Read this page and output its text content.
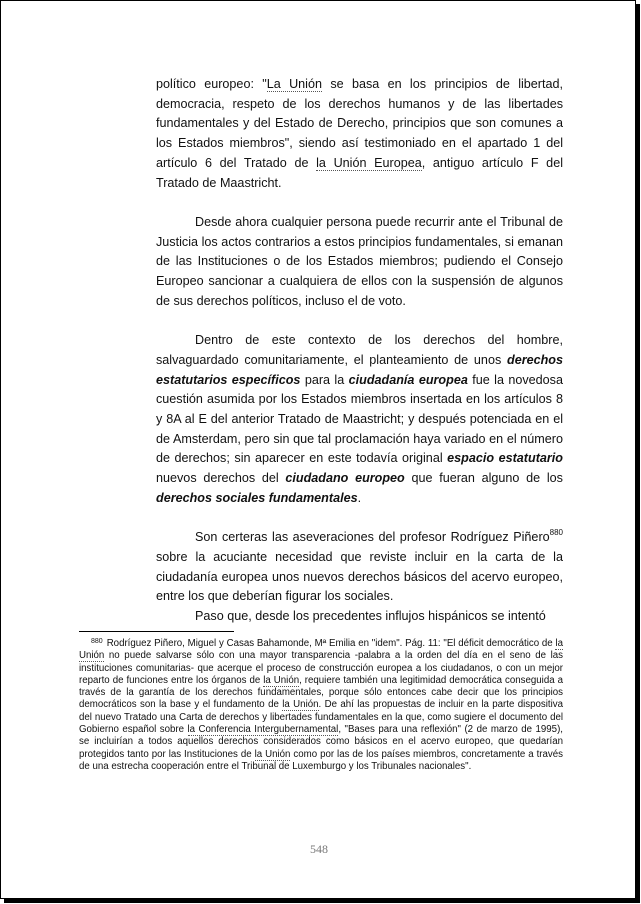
político europeo: "La Unión se basa en los principios de libertad, democracia, respeto de los derechos humanos y de las libertades fundamentales y del Estado de Derecho, principios que son comunes a los Estados miembros", siendo así testimoniado en el apartado 1 del artículo 6 del Tratado de la Unión Europea, antiguo artículo F del Tratado de Maastricht.

Desde ahora cualquier persona puede recurrir ante el Tribunal de Justicia los actos contrarios a estos principios fundamentales, si emanan de las Instituciones o de los Estados miembros; pudiendo el Consejo Europeo sancionar a cualquiera de ellos con la suspensión de algunos de sus derechos políticos, incluso el de voto.

Dentro de este contexto de los derechos del hombre, salvaguardado comunitariamente, el planteamiento de unos derechos estatutarios específicos para la ciudadanía europea fue la novedosa cuestión asumida por los Estados miembros insertada en los artículos 8 y 8A al E del anterior Tratado de Maastricht; y después potenciada en el de Amsterdam, pero sin que tal proclamación haya variado en el número de derechos; sin aparecer en este todavía original espacio estatutario nuevos derechos del ciudadano europeo que fueran alguno de los derechos sociales fundamentales.

Son certeras las aseveraciones del profesor Rodríguez Piñero$^{880}$ sobre la acuciante necesidad que reviste incluir en la carta de la ciudadanía europea unos nuevos derechos básicos del acervo europeo, entre los que deberían figurar los sociales.

Paso que, desde los precedentes influjos hispánicos se intentó

$^{880}$ Rodríguez Piñero, Miguel y Casas Bahamonde, Mª Emilia en "idem". Pág. 11: "El déficit democrático de la Unión no puede salvarse sólo con una mayor transparencia -palabra a la orden del día en el seno de las instituciones comunitarias- que acerque el proceso de construcción europea a los ciudadanos, o con un mejor reparto de funciones entre los órganos de la Unión, requiere también una legitimidad democrática conseguida a través de la garantía de los derechos fundamentales, porque sólo entonces cabe decir que los principios democráticos son la base y el fundamento de la Unión. De ahí las propuestas de incluir en la parte dispositiva del nuevo Tratado una Carta de derechos y libertades fundamentales en la que, como sugiere el documento del Gobierno español sobre la Conferencia Intergubernamental, "Bases para una reflexión" (2 de marzo de 1995), se incluirían a todos aquellos derechos considerados como básicos en el acervo europeo, que quedarían protegidos tanto por las Instituciones de la Unión como por las de los países miembros, concretamente a través de una estrecha cooperación entre el Tribunal de Luxemburgo y los Tribunales nacionales".

548
